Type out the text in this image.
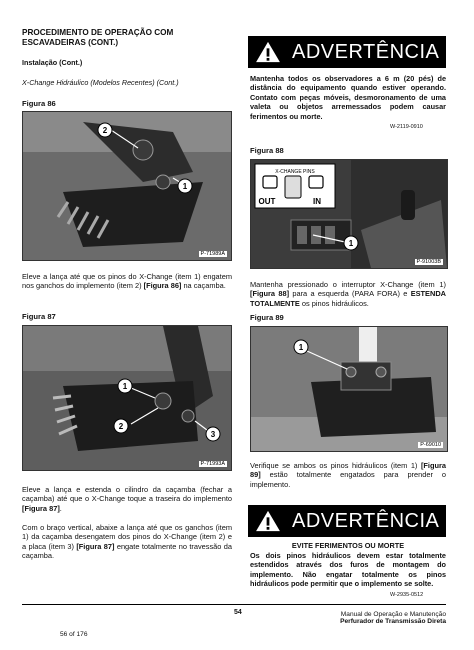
PROCEDIMENTO DE OPERAÇÃO COM
ESCAVADEIRAS (CONT.)
Instalação (Cont.)
X-Change Hidráulico (Modelos Recentes) (Cont.)
Figura 86
2
1
P-71989A
Eleve a lança até que os pinos do X-Change (item 1) engatem nos ganchos do implemento (item 2) [Figura 86] na caçamba.
Figura 87
1
2
3
P-71993A
Eleve a lança e estenda o cilindro da caçamba (fechar a caçamba) até que o X-Change toque a traseira do implemento [Figura 87].
Com o braço vertical, abaixe a lança até que os ganchos (item 1) da caçamba desengatem dos pinos do X-Change (item 2) e a placa (item 3) [Figura 87] engate totalmente no travessão da caçamba.
ADVERTÊNCIA
Mantenha todos os observadores a 6 m (20 pés) de distância do equipamento quando estiver operando. Contato com peças móveis, desmoronamento de uma valeta ou objetos arremessados podem causar ferimentos ou morte.
W-2119-0910
Figura 88
X-CHANGE PINS
OUT	IN
1
P-91003B
Mantenha pressionado o interruptor X-Change (item 1) [Figura 88] para a esquerda (PARA FORA) e ESTENDA TOTALMENTE os pinos hidráulicos.
Figura 89
1
P-69010
Verifique se ambos os pinos hidráulicos (item 1) [Figura 89] estão totalmente engatados para prender o implemento.
ADVERTÊNCIA
EVITE FERIMENTOS OU MORTE
Os dois pinos hidráulicos devem estar totalmente estendidos através dos furos de montagem do implemento. Não engatar totalmente os pinos hidráulicos pode permitir que o implemento se solte.
W-2935-0512
54	Manual de Operação e Manutenção
Perfurador de Transmissão Direta
56 of 176
